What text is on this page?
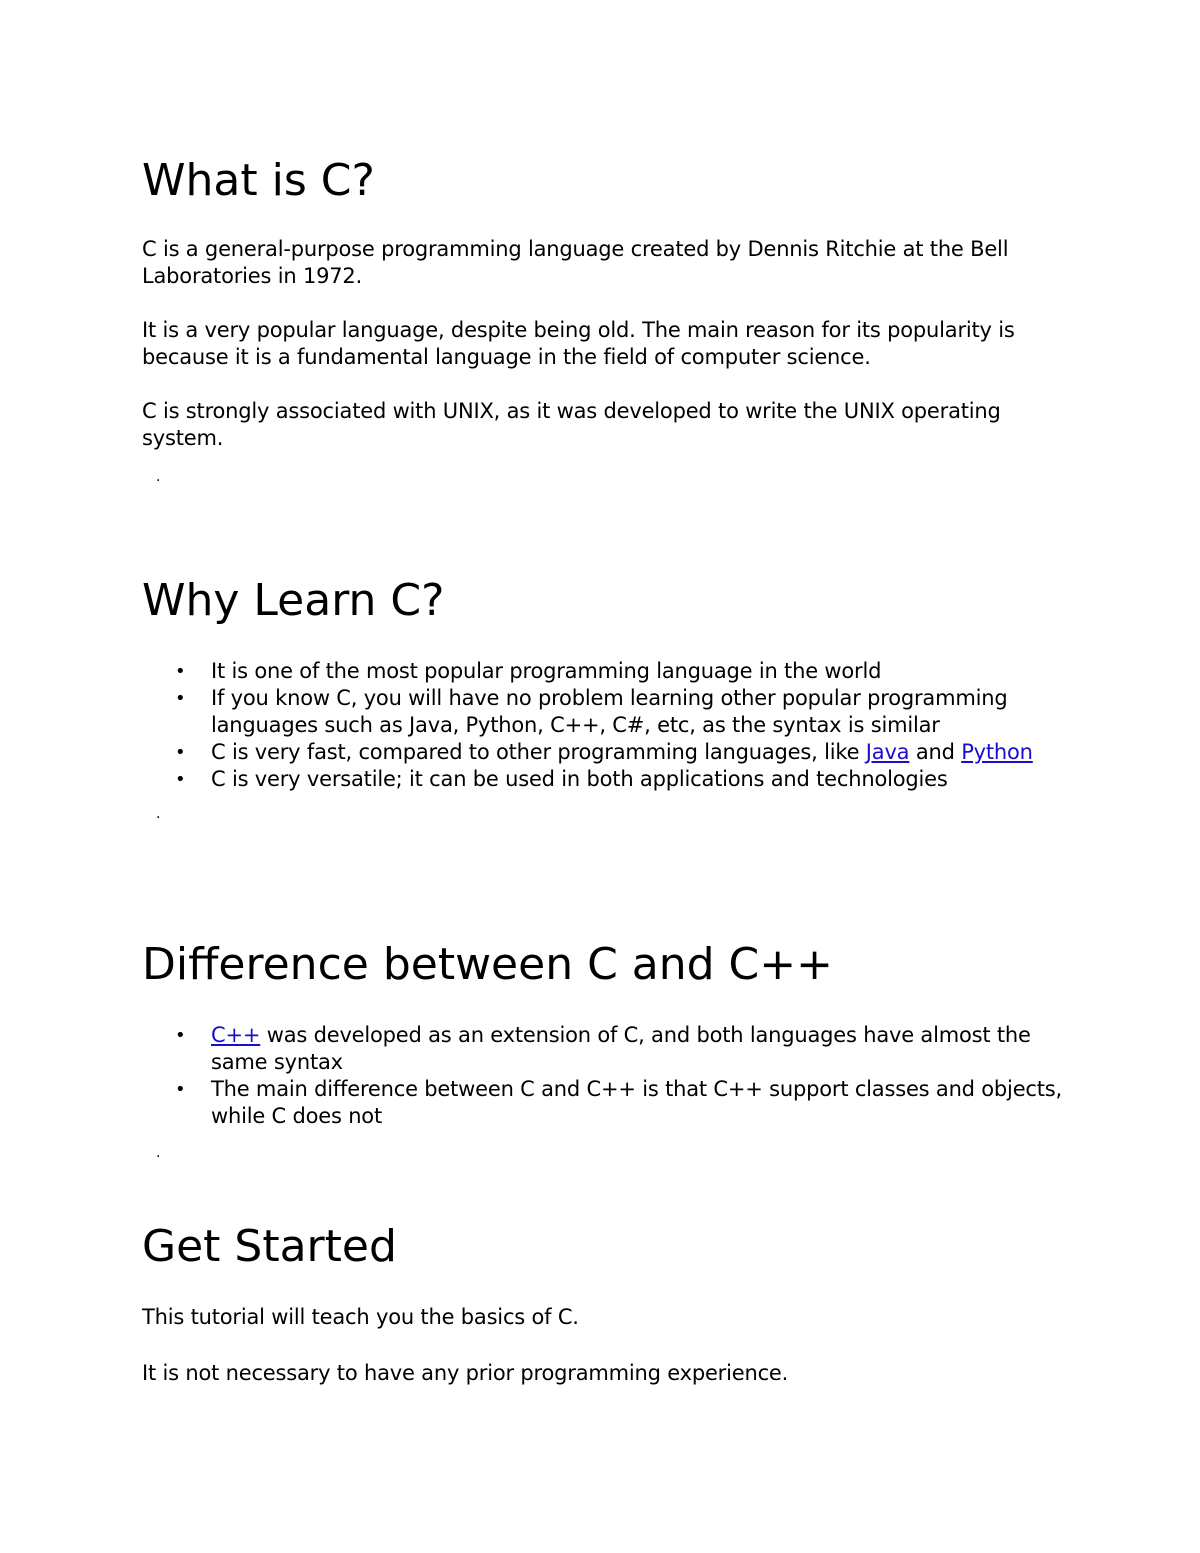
What is C?

C is a general-purpose programming language created by Dennis Ritchie at the Bell Laboratories in 1972.

It is a very popular language, despite being old. The main reason for its popularity is because it is a fundamental language in the field of computer science.

C is strongly associated with UNIX, as it was developed to write the UNIX operating system.

.

Why Learn C?
• It is one of the most popular programming language in the world
• If you know C, you will have no problem learning other popular programming languages such as Java, Python, C++, C#, etc, as the syntax is similar
• C is very fast, compared to other programming languages, like Java and Python
• C is very versatile; it can be used in both applications and technologies

.

Difference between C and C++
• C++ was developed as an extension of C, and both languages have almost the same syntax
• The main difference between C and C++ is that C++ support classes and objects, while C does not

.

Get Started

This tutorial will teach you the basics of C.

It is not necessary to have any prior programming experience.
